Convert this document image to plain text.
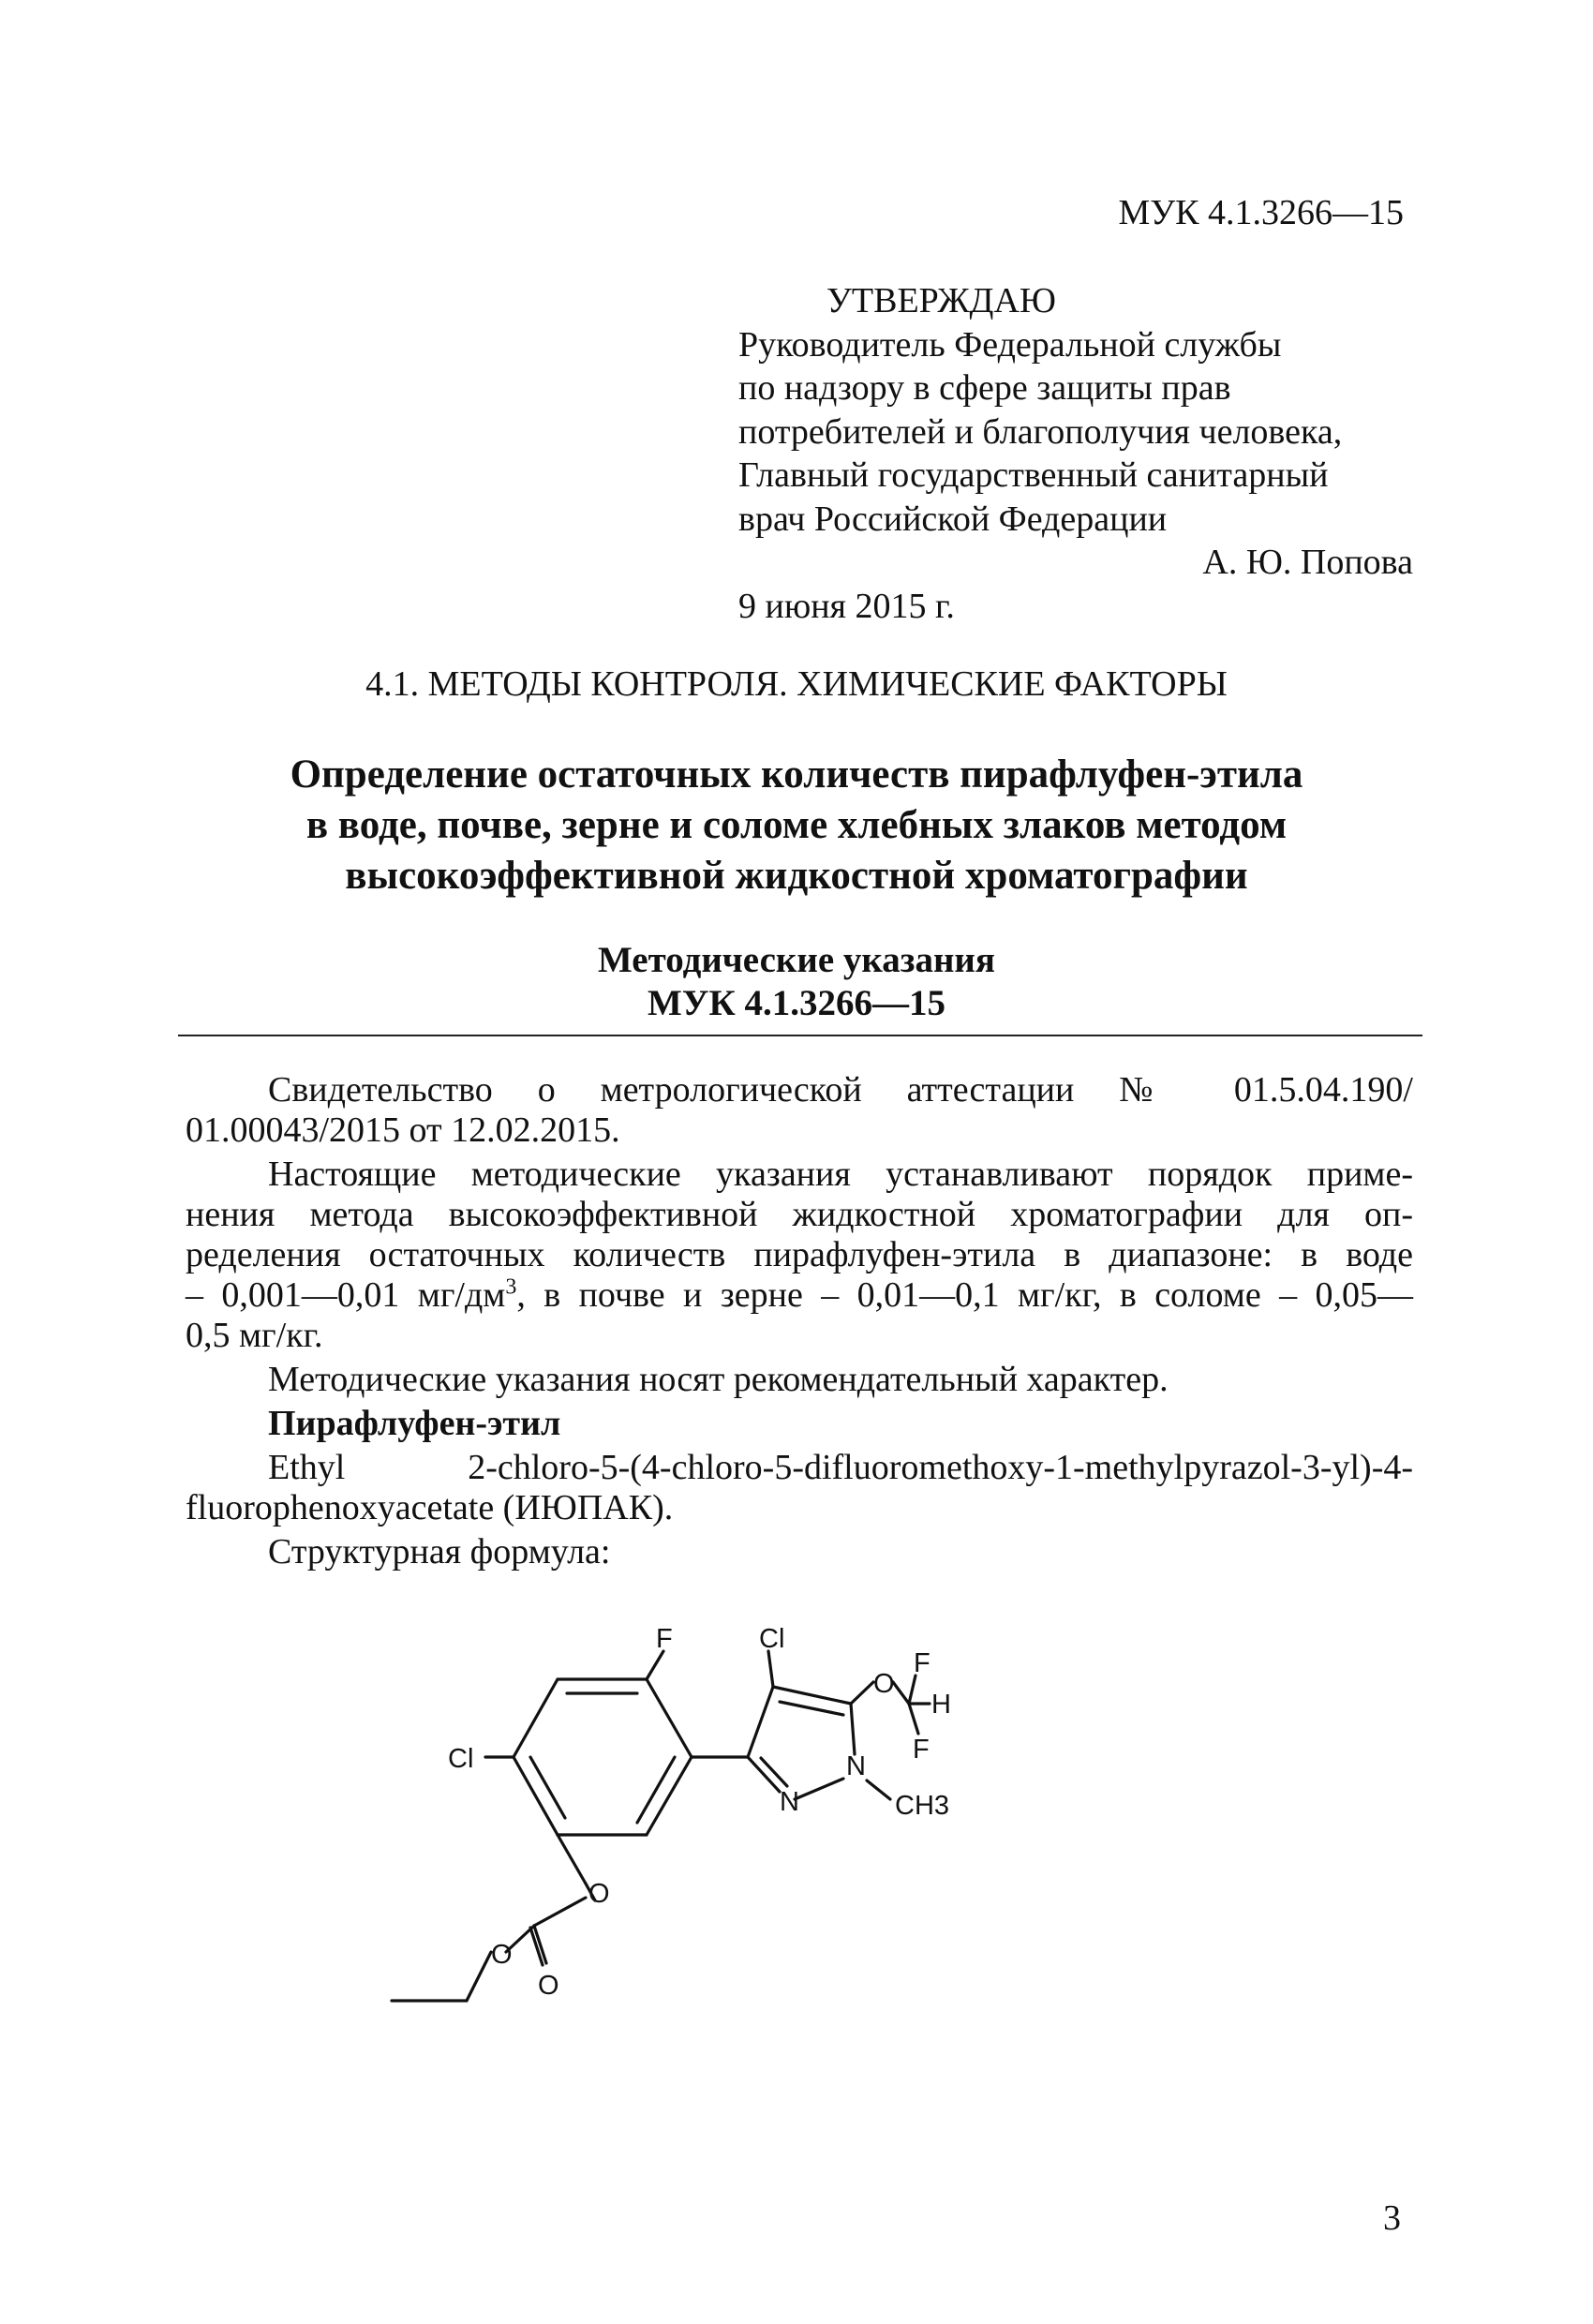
МУК 4.1.3266—15
УТВЕРЖДАЮ
Руководитель Федеральной службы
по надзору в сфере защиты прав
потребителей и благополучия человека,
Главный государственный санитарный
врач Российской Федерации
А. Ю. Попова
9 июня 2015 г.
4.1. МЕТОДЫ КОНТРОЛЯ. ХИМИЧЕСКИЕ ФАКТОРЫ
Определение остаточных количеств пирафлуфен-этила
в воде, почве, зерне и соломе хлебных злаков методом
высокоэффективной жидкостной хроматографии
Методические указания
МУК 4.1.3266—15
Свидетельство о метрологической аттестации № 01.5.04.190/
01.00043/2015 от 12.02.2015.
Настоящие методические указания устанавливают порядок приме-
нения метода высокоэффективной жидкостной хроматографии для оп-
ределения остаточных количеств пирафлуфен-этила в диапазоне: в воде
– 0,001—0,01 $мг/дм^3$, в почве и зерне – 0,01—0,1 мг/кг, в соломе – 0,05—
0,5 мг/кг.
Методические указания носят рекомендательный характер.
Пирафлуфен-этил
Ethyl 2-chloro-5-(4-chloro-5-difluoromethoxy-1-methylpyrazol-3-yl)-4-
fluorophenoxyacetate (ИЮПАК).
Структурная формула:
F
Cl
Cl
O
F
H
F
N
N	CH3
O
O
O
3
